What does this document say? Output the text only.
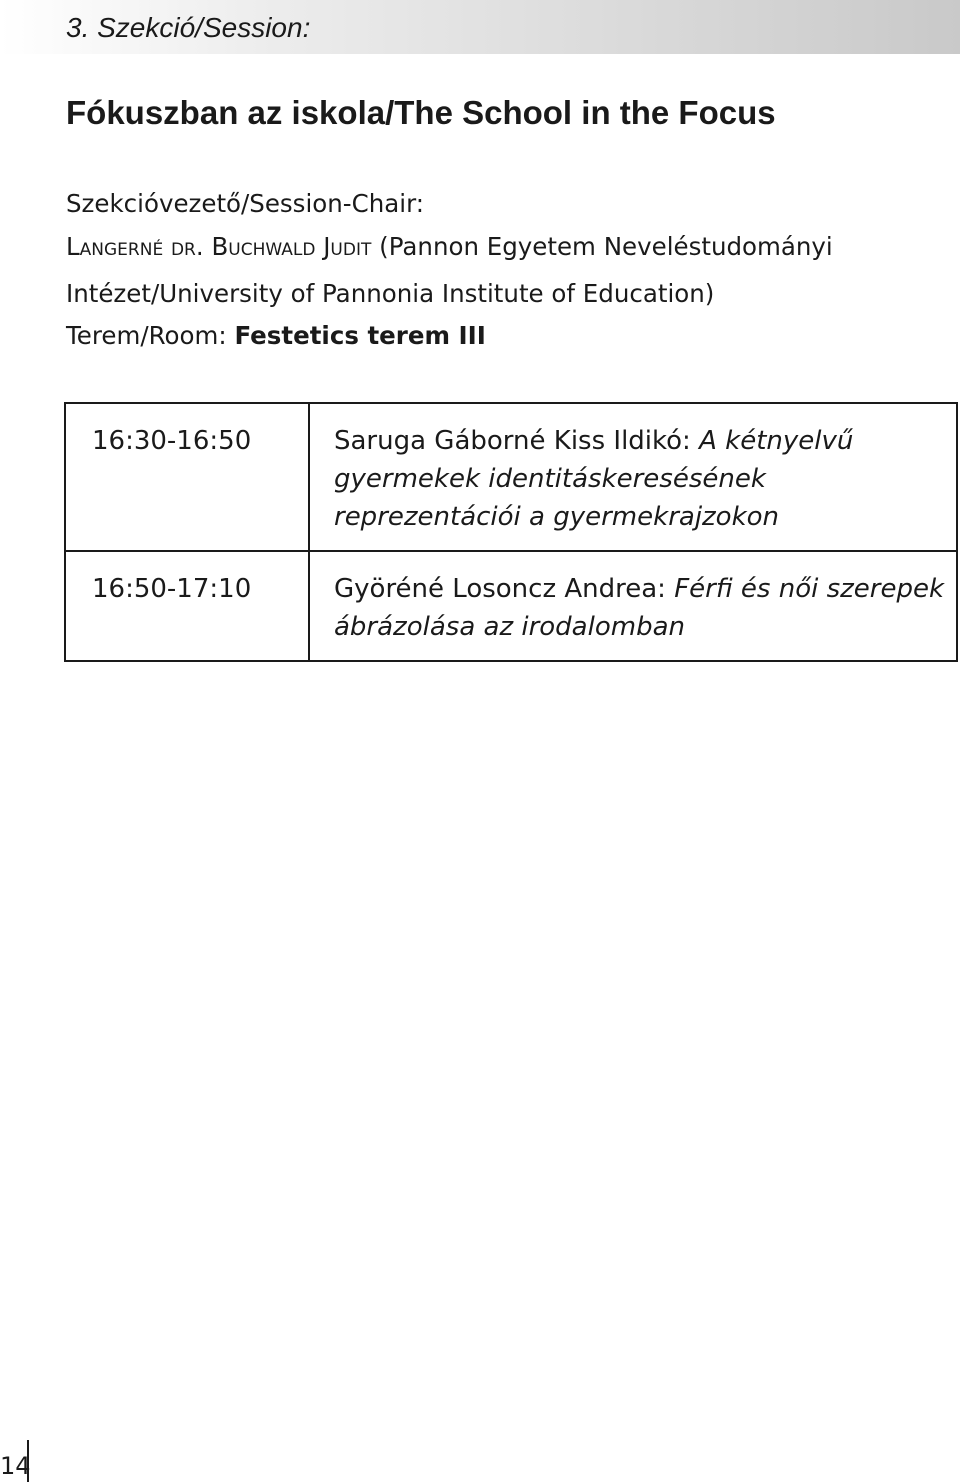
3. Szekció/Session:
Fókuszban az iskola/The School in the Focus
Szekcióvezető/Session-Chair:
Langerné dr. Buchwald Judit (Pannon Egyetem Neveléstudományi
Intézet/University of Pannonia Institute of Education)
Terem/Room: Festetics terem III
16:30-16:50	Saruga Gáborné Kiss Ildikó: A kétnyelvű gyermekek identitáskeresésének reprezentációi a gyermekrajzokon
16:50-17:10	Györéné Losoncz Andrea: Férfi és női szerepek ábrázolása az irodalomban
14
